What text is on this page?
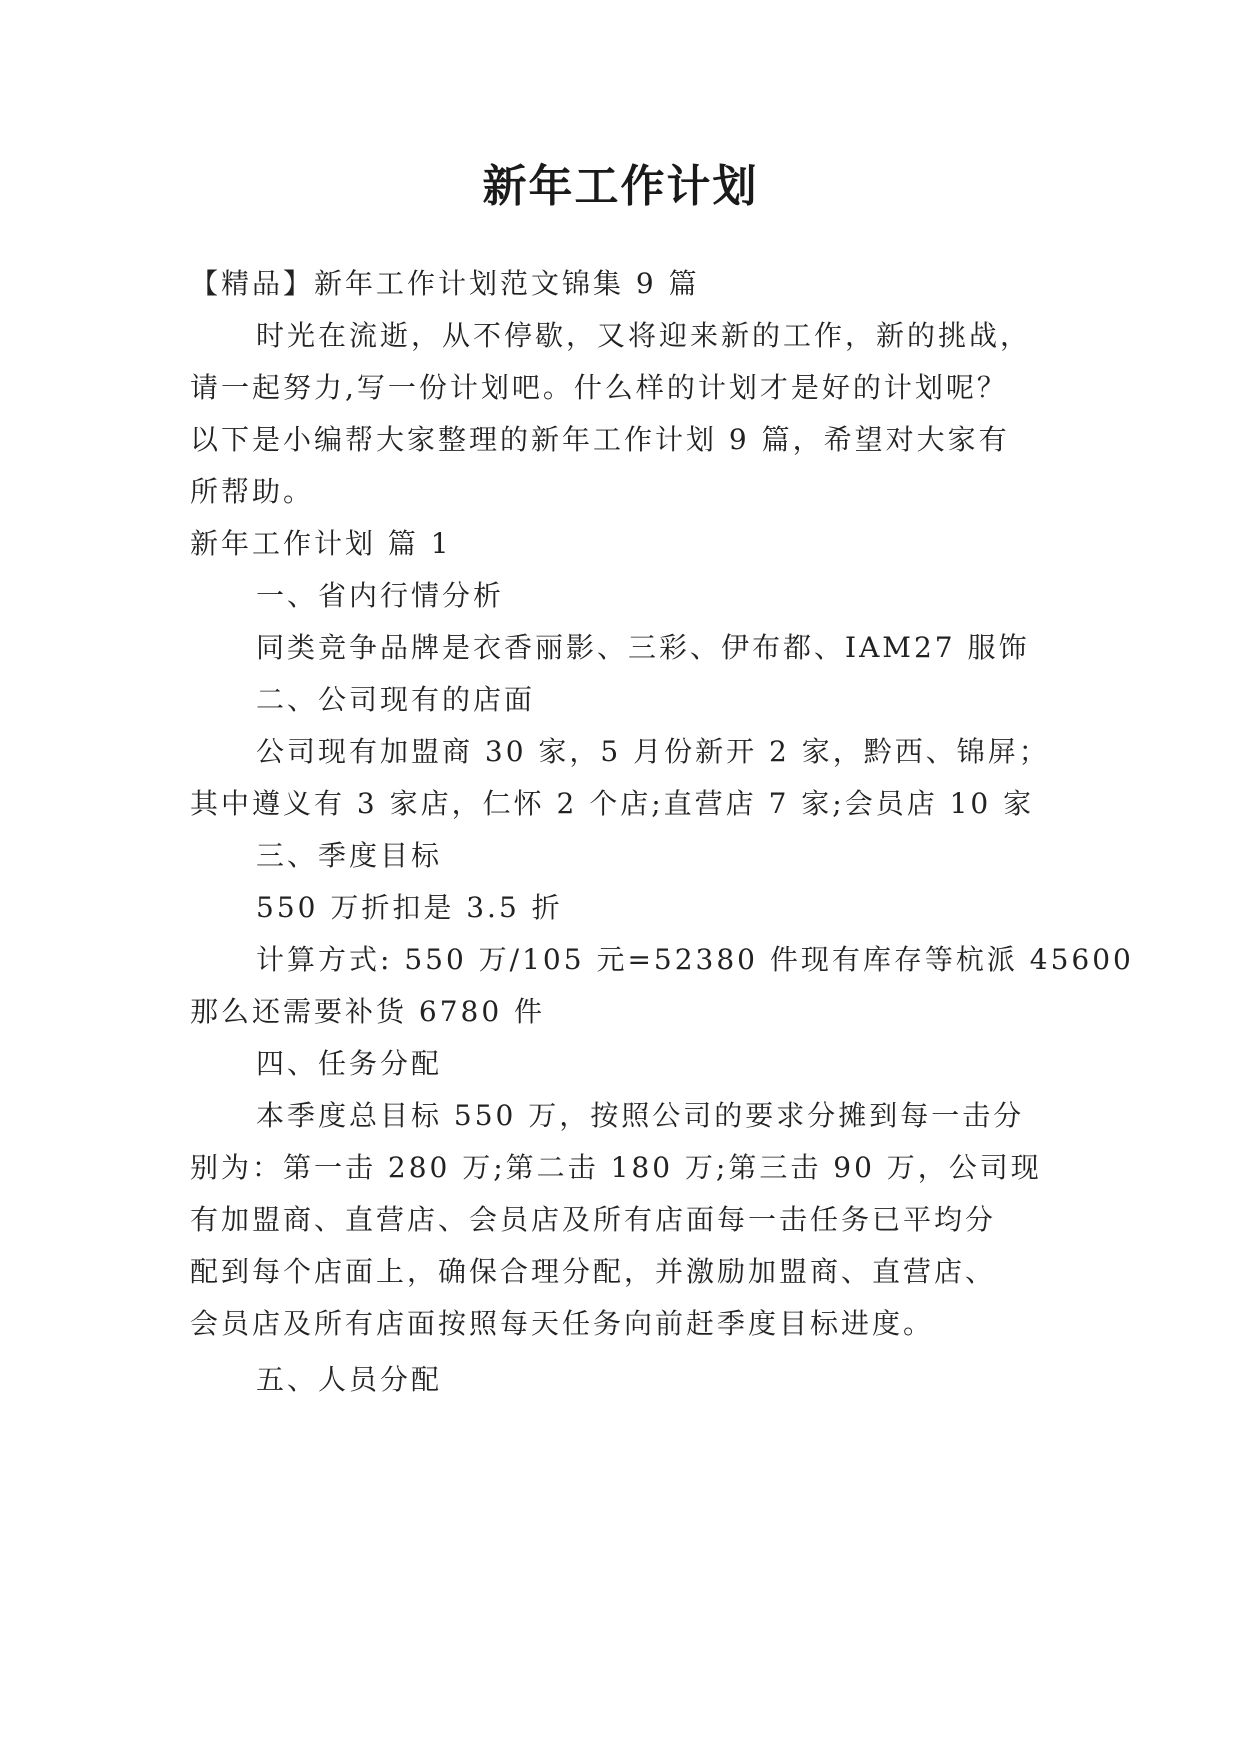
新年工作计划
【精品】新年工作计划范文锦集 9 篇
时光在流逝，从不停歇，又将迎来新的工作，新的挑战，
请一起努力,写一份计划吧。什么样的计划才是好的计划呢？
以下是小编帮大家整理的新年工作计划 9 篇，希望对大家有
所帮助。
新年工作计划 篇 1
一、省内行情分析
同类竞争品牌是衣香丽影、三彩、伊布都、IAM27 服饰
二、公司现有的店面
公司现有加盟商 30 家，5 月份新开 2 家，黔西、锦屏；
其中遵义有 3 家店，仁怀 2 个店;直营店 7 家;会员店 10 家
三、季度目标
550 万折扣是 3.5 折
计算方式: 550 万/105 元=52380 件现有库存等杭派 45600
那么还需要补货 6780 件
四、任务分配
本季度总目标 550 万，按照公司的要求分摊到每一击分
别为：第一击 280 万;第二击 180 万;第三击 90 万，公司现
有加盟商、直营店、会员店及所有店面每一击任务已平均分
配到每个店面上，确保合理分配，并激励加盟商、直营店、
会员店及所有店面按照每天任务向前赶季度目标进度。
五、人员分配
